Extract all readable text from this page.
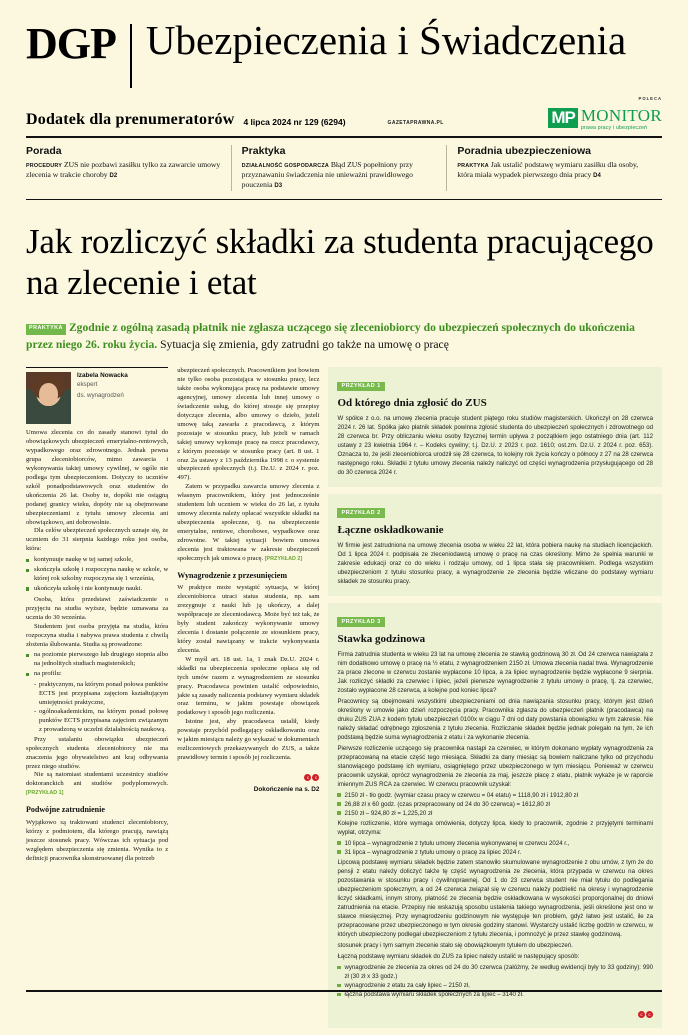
DGP Ubezpieczenia i Świadczenia
Dodatek dla prenumeratorów 4 lipca 2024 nr 129 (6294)	GAZETAPRAWNA.PL
POLECA
MP MONITOR
prawa pracy i ubezpieczeń
Porada
PROCEDURY ZUS nie pozbawi zasiłku tylko za zawarcie umowy zlecenia w trakcie choroby D2
Praktyka
DZIAŁALNOŚĆ GOSPODARCZA Błąd ZUS popełniony przy przyznawaniu świadczenia nie unieważni prawidłowego pouczenia D3
Poradnia ubezpieczeniowa
PRAKTYKA Jak ustalić podstawę wymiaru zasiłku dla osoby, która miała wypadek pierwszego dnia pracy D4
Jak rozliczyć składki za studenta pracującego na zlecenie i etat
PRAKTYKA Zgodnie z ogólną zasadą płatnik nie zgłasza uczącego się zleceniobiorcy do ubezpieczeń społecznych do ukończenia przez niego 26. roku życia. Sytuacja się zmienia, gdy zatrudni go także na umowę o pracę
Izabela Nowacka
ekspert
ds. wynagrodzeń

Umowa zlecenia co do zasady stanowi tytuł do obowiązkowych ubezpieczeń emerytalno-rentowych, wypadkowego oraz zdrowotnego. Jednak pewna grupa zleceniobiorców, mimo zawarcia i wykonywania takiej umowy cywilnej, w ogóle nie podlega tym ubezpieczeniom. Dotyczy to uczniów szkół ponadpodstawowych oraz studentów do ukończenia 26 lat. Osoby te, dopóki nie osiągną podanej granicy wieku, dopóty nie są obejmowane ubezpieczeniami z tytułu umowy zlecenia ani obowiązkowo, ani dobrowolnie.

Dla celów ubezpieczeń społecznych uznaje się, że uczniem do 31 sierpnia każdego roku jest osoba, która:

kontynuuje naukę w tej samej szkole,
skończyła szkołę i rozpoczyna naukę w szkole, w której rok szkolny rozpoczyna się 1 września,
ukończyła szkołę i nie kontynuuje nauki.

Osoba, która przedstawi zaświadczenie o przyjęciu na studia wyższe, będzie uznawana za ucznia do 30 września.

Studentem jest osoba przyjęta na studia, która rozpoczyna studia i nabywa prawa studenta z chwilą złożenia ślubowania. Studia są prowadzone:

na poziomie pierwszego lub drugiego stopnia albo na jednolitych studiach magisterskich;
na profilu:
- praktycznym, na którym ponad połowa punktów ECTS jest przypisana zajęciom kształtującym umiejętności praktyczne,
- ogólnoakademickim, na którym ponad połowę punktów ECTS przypisana zajęciom związanym z prowadzoną w uczelni działalnością naukową.

Przy ustalaniu obowiązku ubezpieczeń społecznych studenta zleceniobiorcy nie ma znaczenia jego obywatelstwo ani kraj odbywania przez niego studiów.

Nie są natomiast studentami uczestnicy studiów doktoranckich ani studiów podyplomowych. [PRZYKŁAD 1]

Podwójne zatrudnienie

Wyjątkowo są traktowani studenci zleceniobiorcy, którzy z podmiotem, dla którego pracują, nawiążą jeszcze stosunek pracy. Wówczas ich sytuacja pod względem ubezpieczenia się zmienia. Wynika to z definicji pracownika skonstruowanej dla potrzeb

ubezpieczeń społecznych. Pracownikiem jest bowiem nie tylko osoba pozostająca w stosunku pracy, lecz także osoba wykonująca pracę na podstawie umowy agencyjnej, umowy zlecenia lub innej umowy o świadczenie usług, do której stosuje się przepisy dotyczące zlecenia, albo umowy o dzieło, jeżeli umowę taką zawarła z pracodawcą, z którym pozostaje w stosunku pracy, lub jeżeli w ramach takiej umowy wykonuje pracę na rzecz pracodawcy, z którym pozostaje w stosunku pracy (art. 8 ust. 1 oraz 2a ustawy z 13 października 1998 r. o systemie ubezpieczeń społecznych (t.j. Dz.U. z 2024 r. poz. 497).

Zatem w przypadku zawarcia umowy zlecenia z własnym pracownikiem, który jest jednocześnie studentem lub uczniem w wieku do 26 lat, z tytułu umowy zlecenia należy opłacać wszystkie składki na ubezpieczenia społeczne, tj. na ubezpieczenie emerytalne, rentowe, chorobowe, wypadkowe oraz zdrowotne. W takiej sytuacji bowiem umowa zlecenia jest traktowana w zakresie ubezpieczeń społecznych jak umowa o pracę. [PRZYKŁAD 2]

Wynagrodzenie z przesunięciem

W praktyce może wystąpić sytuacja, w której zleceniobiorca utraci status studenta, np. sam zrezygnuje z nauki lub ją ukończy, a dalej współpracuje ze zleceniodawcą. Może być też tak, że były student zakończy wykonywanie umowy zlecenia i dostanie połączenie ze stosunkiem pracy, który został nawiązany w trakcie wykonywania zlecenia.

W myśl art. 18 ust. 1a, 1 znak Dz.U. 2024 r. składki na ubezpieczenia społeczne opłaca się od tych umów razem z wynagrodzeniem ze stosunku pracy. Pracodawca powinien ustalić odpowiednio, jakie są zasady naliczenia podstawy wymiaru składek oraz terminu, w jakim powstaje obowiązek podatkowy i sposób jego rozliczenia.

Istotne jest, aby pracodawca ustalił, kiedy powstaje przychód podlegający oskładkowaniu oraz w jakim miesiącu należy go wykazać w dokumentach rozliczeniowych przekazywanych do ZUS, a także prawidłowy termin i sposób jej rozliczenia.

c c
Dokończenie na s. D2
PRZYKŁAD 1
Od którego dnia zgłosić do ZUS

W spółce z o.o. na umowę zlecenia pracuje student piątego roku studiów magisterskich. Ukończył on 28 czerwca 2024 r. 26 lat. Spółka jako płatnik składek powinna zgłosić studenta do ubezpieczeń społecznych i zdrowotnego od 28 czerwca br. Przy obliczaniu wieku osoby fizycznej termin upływa z początkiem jego ostatniego dnia (art. 112 ustawy z 23 kwietnia 1964 r. – Kodeks cywilny; t.j. Dz.U. z 2023 r. poz. 1610; ost.zm. Dz.U. z 2024 r. poz. 653). Oznacza to, że jeśli zleceniobiorca urodził się 28 czerwca, to kolejny rok życia kończy o północy z 27 na 28 czerwca następnego roku. Składki z tytułu umowy zlecenia należy naliczyć od części wynagrodzenia przysługującego od 28 do 30 czerwca 2024 r.

PRZYKŁAD 2
Łączne oskładkowanie

W firmie jest zatrudniona na umowę zlecenia osoba w wieku 22 lat, która pobiera naukę na studiach licencjackich. Od 1 lipca 2024 r. podpisała ze zleceniodawcą umowę o pracę na czas określony. Mimo że spełnia warunki w zakresie edukacji oraz co do wieku i rodzaju umowy, od 1 lipca stała się pracownikiem. Podlega wszystkim ubezpieczeniom z tytułu stosunku pracy, a wynagrodzenie ze zlecenia będzie wliczane do podstawy wymiaru składek ze stosunku pracy.

PRZYKŁAD 3
Stawka godzinowa

Firma zatrudnia studenta w wieku 23 lat na umowę zlecenia ze stawką godzinową 30 zł. Od 24 czerwca nawiązała z nim dodatkowo umowę o pracę na ½ etatu, z wynagrodzeniem 2150 zł. Umowa zlecenia nadal trwa. Wynagrodzenie za prace zlecone w czerwcu zostanie wypłacone 10 lipca, a za lipiec wynagrodzenie będzie wypłacone 9 sierpnia. Jak rozliczyć składki za czerwiec i lipiec, jeżeli pierwsze wynagrodzenie z tytułu umowy o pracę, tj. za czerwiec, zostało wypłacone 28 czerwca, a kolejne pod koniec lipca?

Pracownicy są obejmowani wszystkimi ubezpieczeniami od dnia nawiązania stosunku pracy, którym jest dzień określony w umowie jako dzień rozpoczęcia pracy. Pracownika zgłasza do ubezpieczeń płatnik (pracodawca) na druku ZUS ZUA z kodem tytułu ubezpieczeń 0100x w ciągu 7 dni od daty powstania obowiązku w tym zakresie. Nie należy składać odrębnego zgłoszenia z tytułu zlecenia. Rozliczanie składek będzie jednak polegało na tym, że ich podstawą będzie suma wynagrodzenia z etatu i za wykonanie zlecenia.

Pierwsze rozliczenie uczącego się pracownika nastąpi za czerwiec, w którym dokonano wypłaty wynagrodzenia za przepracowaną na etacie część tego miesiąca. Składki za dany miesiąc są bowiem naliczane tylko od przychodu stanowiącego podstawę ich wymiaru, osiągniętego przez ubezpieczonego w tym miesiącu. Ponieważ w czerwcu pracownik uzyskał, oprócz wynagrodzenia ze zlecenia za maj, jeszcze płacę z etatu, płatnik wykaże je w raporcie imiennym ZUS RCA za czerwiec. W czerwcu pracownik uzyskał:

2150 zł - tło godz. (wymiar czasu pracy w czerwcu = 04 etatu) = 1118,90 zł i 1912,80 zł
26,88 zł x 60 godz. (czas przepracowany od 24 do 30 czerwca) = 1612,80 zł
2150 zł – 924,80 zł = 1,225,20 zł

Kolejne rozliczenie, które wymaga omówienia, dotyczy lipca, kiedy to pracownik, zgodnie z przyjętymi terminami wypłat, otrzyma:

10 lipca – wynagrodzenie z tytułu umowy zlecenia wykonywanej w czerwcu 2024 r.,
31 lipca – wynagrodzenie z tytułu umowy o pracę za lipiec 2024 r.

Lipcową podstawę wymiaru składek będzie zatem stanowiło skumulowane wynagrodzenie z obu umów, z tym że do pensji z etatu należy doliczyć także tę część wynagrodzenia ze zlecenia, która przypada w czerwcu na okres pozostawania w stosunku pracy i cywilnoprawnej. Od 1 do 23 czerwca student nie miał tytułu do podlegania ubezpieczeniom społecznym, a od 24 czerwca związał się w czerwcu należy podzielić na okresy i wynagrodzenie liczyć składkami, innym strony, płatność ze zlecenia będzie oskładkowana w wysokości proporcjonalnej do dniowi zatrudnienia na etacie. Przepisy nie wskazują sposobu ustalenia takiego wynagrodzenia, jeśli określone jest ono w stawce miesięcznej. Przy wynagrodzeniu godzinowym nie występuje ten problem, gdyż łatwo jest ustalić, ile za przepracowane przez ubezpieczonego w tym okresie godziny stanowi. Wystarczy ustalić liczbę godzin w czerwcu, w których ubezpieczony podlegał ubezpieczeniom z tytułu zlecenia, i pomnożyć je przez stawkę godzinową.

stosunek pracy i tym samym zlecenie stało się obowiązkowym tytułem do ubezpieczeń.

Łączną podstawę wymiaru składek do ZUS za lipiec należy ustalić w następujący sposób:

wynagrodzenie ze zlecenia za okres od 24 do 30 czerwca (załóżmy, że według ewidencji były to 33 godziny): 990 zł (30 zł x 33 godz.)
wynagrodzenie z etatu za cały lipiec – 2150 zł,
łączna podstawa wymiaru składek społecznych za lipiec – 3140 zł.
c c
